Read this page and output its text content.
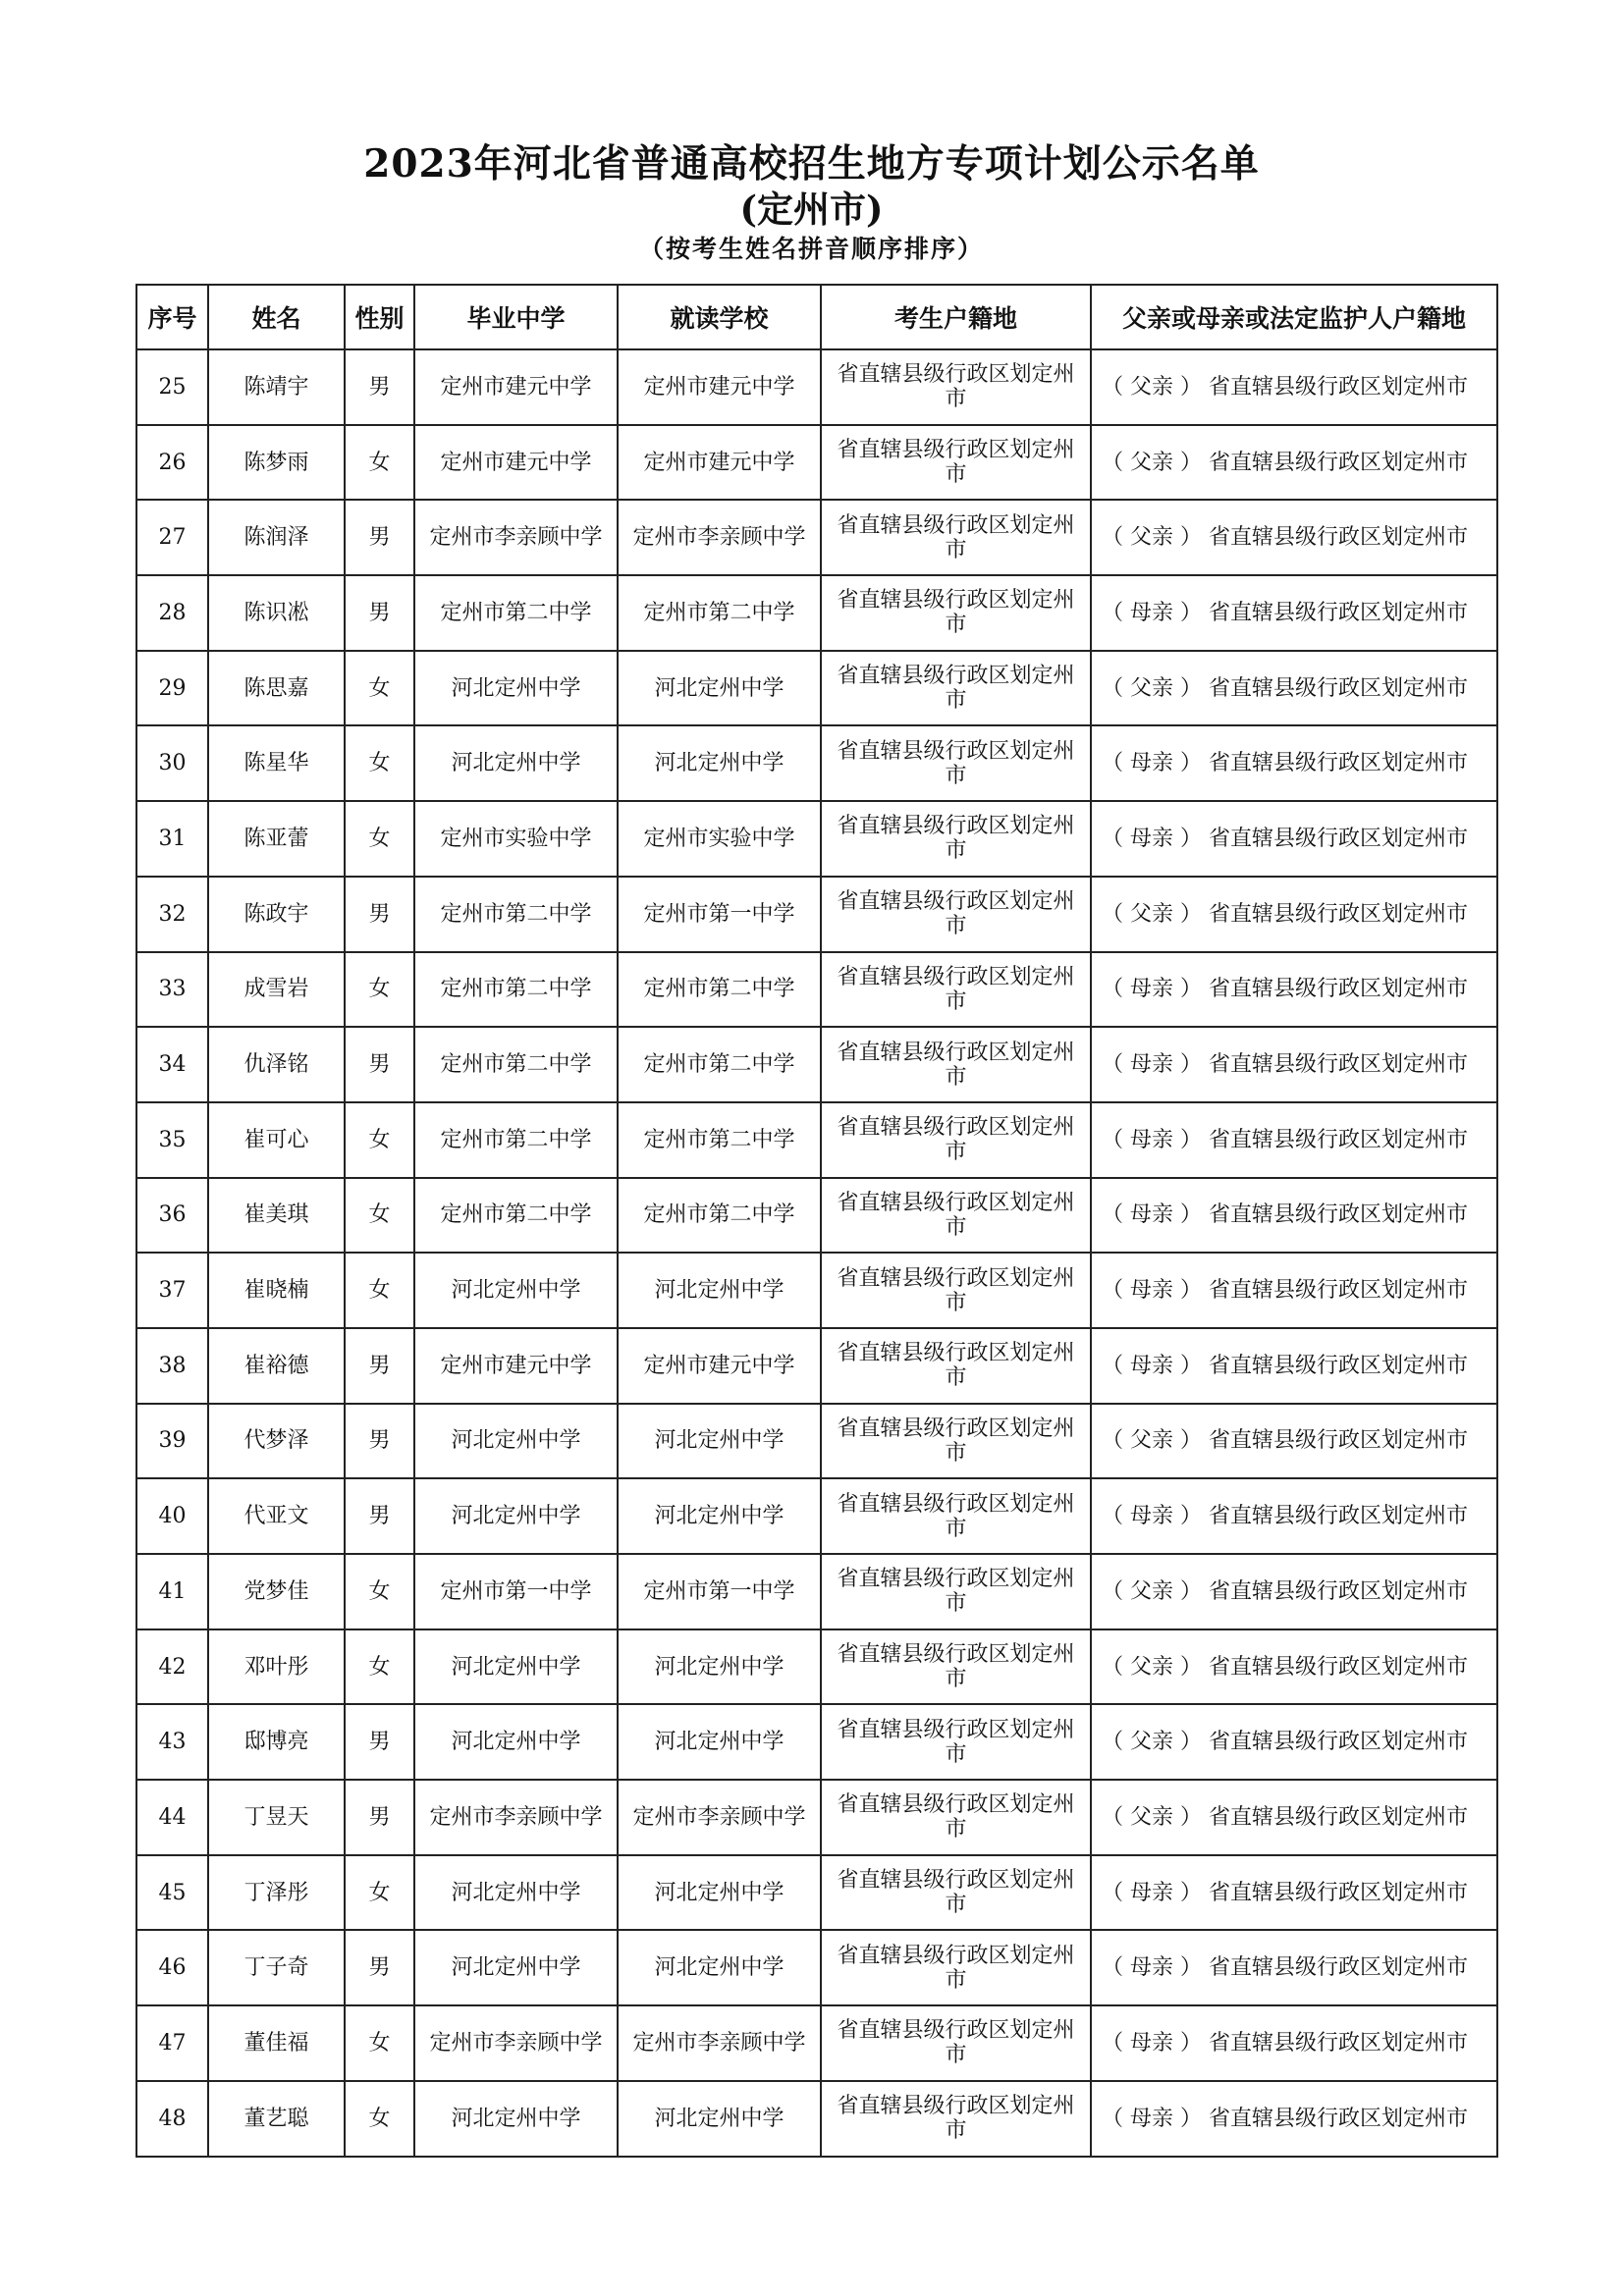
2023年河北省普通高校招生地方专项计划公示名单
(定州市)
（按考生姓名拼音顺序排序）
序号	姓名	性别	毕业中学	就读学校	考生户籍地	父亲或母亲或法定监护人户籍地
25	陈靖宇	男	定州市建元中学	定州市建元中学	省直辖县级行政区划定州市	（ 父亲 ） 省直辖县级行政区划定州市
26	陈梦雨	女	定州市建元中学	定州市建元中学	省直辖县级行政区划定州市	（ 父亲 ） 省直辖县级行政区划定州市
27	陈润泽	男	定州市李亲顾中学	定州市李亲顾中学	省直辖县级行政区划定州市	（ 父亲 ） 省直辖县级行政区划定州市
28	陈识凇	男	定州市第二中学	定州市第二中学	省直辖县级行政区划定州市	（ 母亲 ） 省直辖县级行政区划定州市
29	陈思嘉	女	河北定州中学	河北定州中学	省直辖县级行政区划定州市	（ 父亲 ） 省直辖县级行政区划定州市
30	陈星华	女	河北定州中学	河北定州中学	省直辖县级行政区划定州市	（ 母亲 ） 省直辖县级行政区划定州市
31	陈亚蕾	女	定州市实验中学	定州市实验中学	省直辖县级行政区划定州市	（ 母亲 ） 省直辖县级行政区划定州市
32	陈政宇	男	定州市第二中学	定州市第一中学	省直辖县级行政区划定州市	（ 父亲 ） 省直辖县级行政区划定州市
33	成雪岩	女	定州市第二中学	定州市第二中学	省直辖县级行政区划定州市	（ 母亲 ） 省直辖县级行政区划定州市
34	仇泽铭	男	定州市第二中学	定州市第二中学	省直辖县级行政区划定州市	（ 母亲 ） 省直辖县级行政区划定州市
35	崔可心	女	定州市第二中学	定州市第二中学	省直辖县级行政区划定州市	（ 母亲 ） 省直辖县级行政区划定州市
36	崔美琪	女	定州市第二中学	定州市第二中学	省直辖县级行政区划定州市	（ 母亲 ） 省直辖县级行政区划定州市
37	崔晓楠	女	河北定州中学	河北定州中学	省直辖县级行政区划定州市	（ 母亲 ） 省直辖县级行政区划定州市
38	崔裕德	男	定州市建元中学	定州市建元中学	省直辖县级行政区划定州市	（ 母亲 ） 省直辖县级行政区划定州市
39	代梦泽	男	河北定州中学	河北定州中学	省直辖县级行政区划定州市	（ 父亲 ） 省直辖县级行政区划定州市
40	代亚文	男	河北定州中学	河北定州中学	省直辖县级行政区划定州市	（ 母亲 ） 省直辖县级行政区划定州市
41	党梦佳	女	定州市第一中学	定州市第一中学	省直辖县级行政区划定州市	（ 父亲 ） 省直辖县级行政区划定州市
42	邓叶彤	女	河北定州中学	河北定州中学	省直辖县级行政区划定州市	（ 父亲 ） 省直辖县级行政区划定州市
43	邸博亮	男	河北定州中学	河北定州中学	省直辖县级行政区划定州市	（ 父亲 ） 省直辖县级行政区划定州市
44	丁昱天	男	定州市李亲顾中学	定州市李亲顾中学	省直辖县级行政区划定州市	（ 父亲 ） 省直辖县级行政区划定州市
45	丁泽彤	女	河北定州中学	河北定州中学	省直辖县级行政区划定州市	（ 母亲 ） 省直辖县级行政区划定州市
46	丁子奇	男	河北定州中学	河北定州中学	省直辖县级行政区划定州市	（ 母亲 ） 省直辖县级行政区划定州市
47	董佳福	女	定州市李亲顾中学	定州市李亲顾中学	省直辖县级行政区划定州市	（ 母亲 ） 省直辖县级行政区划定州市
48	董艺聪	女	河北定州中学	河北定州中学	省直辖县级行政区划定州市	（ 母亲 ） 省直辖县级行政区划定州市
